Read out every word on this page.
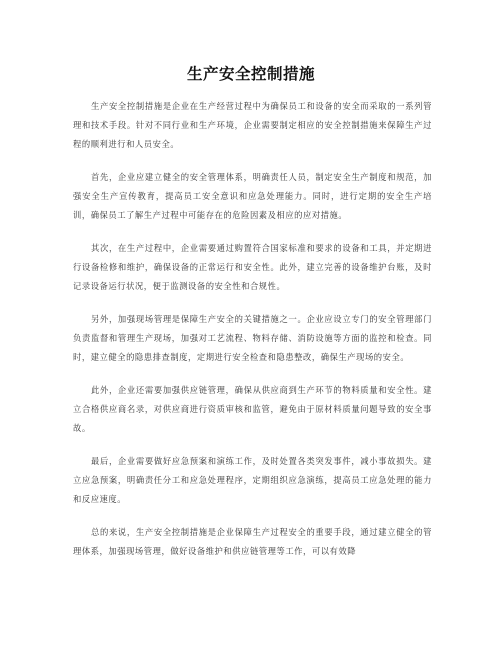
生产安全控制措施

生产安全控制措施是企业在生产经营过程中为确保员工和设备的安全而采取的一系列管理和技术手段。针对不同行业和生产环境，企业需要制定相应的安全控制措施来保障生产过程的顺利进行和人员安全。

首先，企业应建立健全的安全管理体系，明确责任人员，制定安全生产制度和规范，加强安全生产宣传教育，提高员工安全意识和应急处理能力。同时，进行定期的安全生产培训，确保员工了解生产过程中可能存在的危险因素及相应的应对措施。

其次，在生产过程中，企业需要通过购置符合国家标准和要求的设备和工具，并定期进行设备检修和维护，确保设备的正常运行和安全性。此外，建立完善的设备维护台账，及时记录设备运行状况，便于监测设备的安全性和合规性。

另外，加强现场管理是保障生产安全的关键措施之一。企业应设立专门的安全管理部门负责监督和管理生产现场，加强对工艺流程、物料存储、消防设施等方面的监控和检查。同时，建立健全的隐患排查制度，定期进行安全检查和隐患整改，确保生产现场的安全。

此外，企业还需要加强供应链管理，确保从供应商到生产环节的物料质量和安全性。建立合格供应商名录，对供应商进行资质审核和监管，避免由于原材料质量问题导致的安全事故。

最后，企业需要做好应急预案和演练工作，及时处置各类突发事件，减小事故损失。建立应急预案，明确责任分工和应急处理程序，定期组织应急演练，提高员工应急处理的能力和反应速度。

总的来说，生产安全控制措施是企业保障生产过程安全的重要手段，通过建立健全的管理体系，加强现场管理，做好设备维护和供应链管理等工作，可以有效降
